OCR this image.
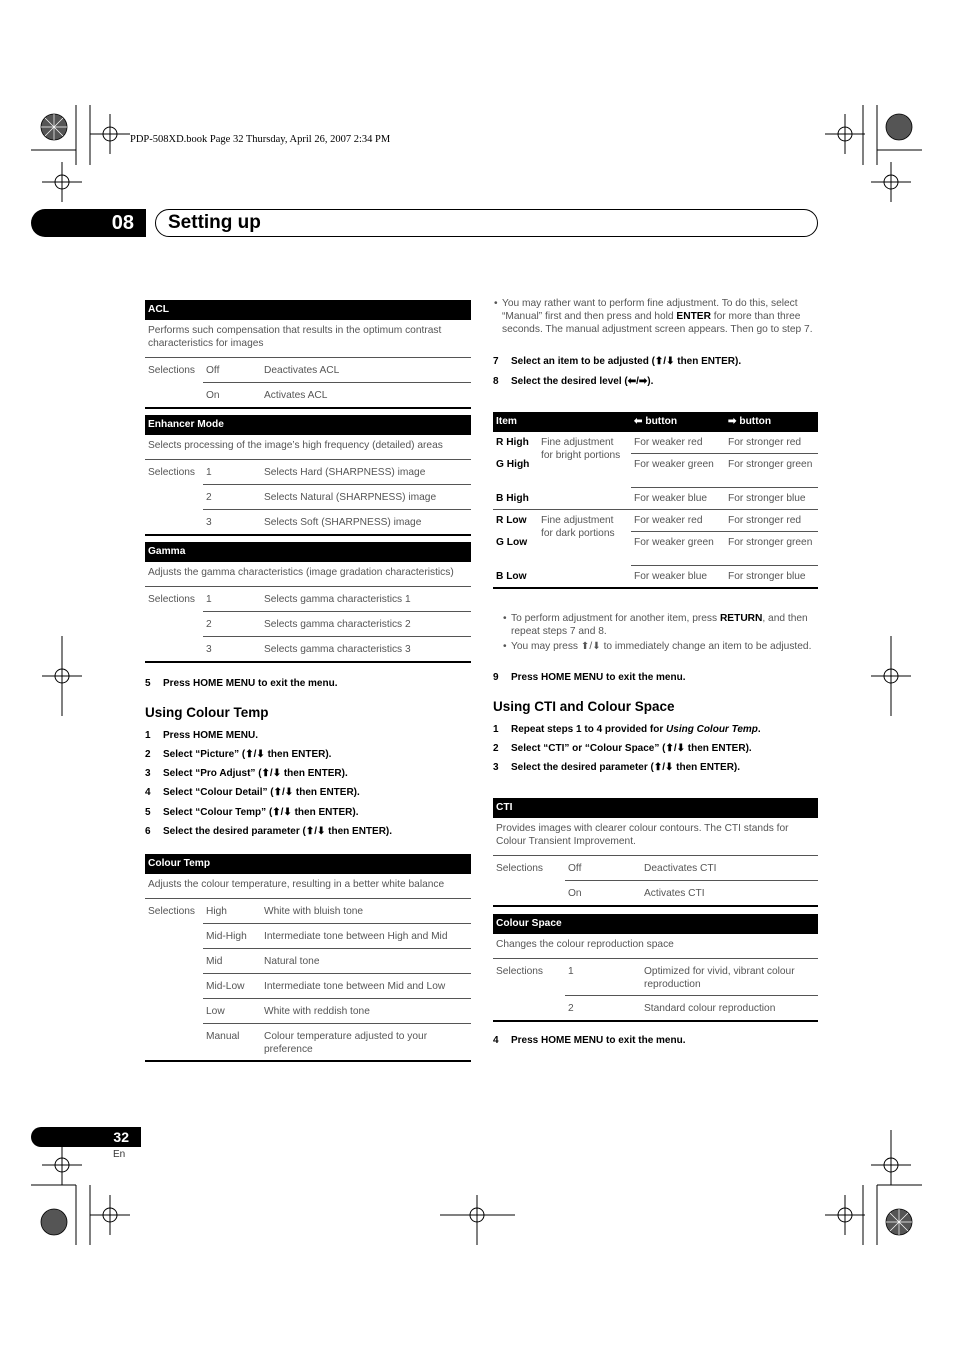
PDP-508XD.book Page 32 Thursday, April 26, 2007 2:34 PM
08	Setting up
ACL		
Performs such compensation that results in the optimum contrast characteristics for images		
Selections	Off	Deactivates ACL
	On	Activates ACL
Enhancer Mode		
Selects processing of the image’s high frequency (detailed) areas		
Selections	1	Selects Hard (SHARPNESS) image
	2	Selects Natural (SHARPNESS) image
	3	Selects Soft (SHARPNESS) image
Gamma		
Adjusts the gamma characteristics (image gradation characteristics)		
Selections	1	Selects gamma characteristics 1
	2	Selects gamma characteristics 2
	3	Selects gamma characteristics 3
5 Press HOME MENU to exit the menu.
Using Colour Temp
1 Press HOME MENU.
2 Select “Picture” (⬆/⬇ then ENTER).
3 Select “Pro Adjust” (⬆/⬇ then ENTER).
4 Select “Colour Detail” (⬆/⬇ then ENTER).
5 Select “Colour Temp” (⬆/⬇ then ENTER).
6 Select the desired parameter (⬆/⬇ then ENTER).
Colour Temp		
Adjusts the colour temperature, resulting in a better white balance		
Selections	High	White with bluish tone
	Mid-High	Intermediate tone between High and Mid
	Mid	Natural tone
	Mid-Low	Intermediate tone between Mid and Low
	Low	White with reddish tone
	Manual	Colour temperature adjusted to your preference
• You may rather want to perform fine adjustment. To do this, select “Manual” first and then press and hold ENTER for more than three seconds. The manual adjustment screen appears. Then go to step 7.
7 Select an item to be adjusted (⬆/⬇ then ENTER).
8 Select the desired level (⬅/➡).
Item		⬅ button	➡ button
R High	Fine adjustment for bright portions	For weaker red	For stronger red
G High		For weaker green	For stronger green
B High		For weaker blue	For stronger blue
R Low	Fine adjustment for dark portions	For weaker red	For stronger red
G Low		For weaker green	For stronger green
B Low		For weaker blue	For stronger blue
• To perform adjustment for another item, press RETURN, and then repeat steps 7 and 8.
• You may press ⬆/⬇ to immediately change an item to be adjusted.
9 Press HOME MENU to exit the menu.
Using CTI and Colour Space
1 Repeat steps 1 to 4 provided for Using Colour Temp.
2 Select “CTI” or “Colour Space” (⬆/⬇ then ENTER).
3 Select the desired parameter (⬆/⬇ then ENTER).
CTI		
Provides images with clearer colour contours. The CTI stands for Colour Transient Improvement.		
Selections	Off	Deactivates CTI
	On	Activates CTI
Colour Space		
Changes the colour reproduction space		
Selections	1	Optimized for vivid, vibrant colour reproduction
	2	Standard colour reproduction
4 Press HOME MENU to exit the menu.
32
En
